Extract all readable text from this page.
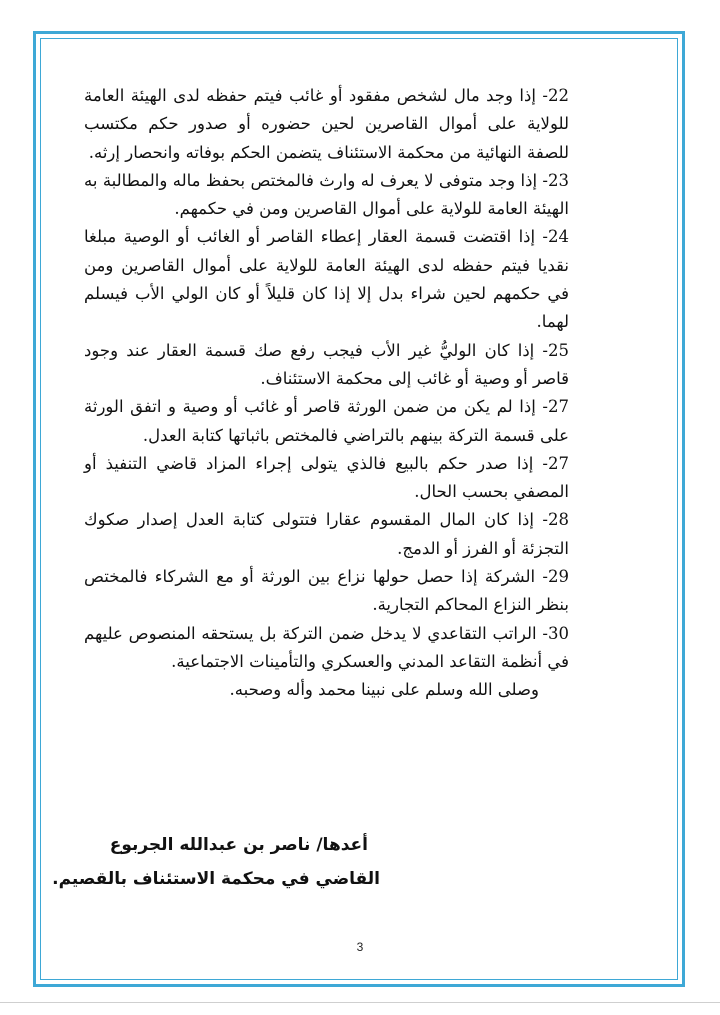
22- إذا وجد مال لشخص مفقود أو غائب فيتم حفظه لدى الهيئة العامة للولاية على أموال القاصرين لحين حضوره أو صدور حكم مكتسب للصفة النهائية من محكمة الاستئناف يتضمن الحكم بوفاته وانحصار إرثه.

23- إذا وجد متوفى لا يعرف له وارث فالمختص بحفظ ماله والمطالبة به الهيئة العامة للولاية على أموال القاصرين ومن في حكمهم.

24- إذا اقتضت قسمة العقار إعطاء القاصر أو الغائب أو الوصية مبلغا نقديا فيتم حفظه لدى الهيئة العامة للولاية على أموال القاصرين ومن في حكمهم لحين شراء بدل إلا إذا كان قليلاً أو كان الولي الأب فيسلم لهما.

25- إذا كان الوليُّ غير الأب فيجب رفع صك قسمة العقار عند وجود قاصر أو وصية أو غائب إلى محكمة الاستئناف.

27- إذا لم يكن من ضمن الورثة قاصر أو غائب أو وصية و اتفق الورثة على قسمة التركة بينهم بالتراضي فالمختص باثباتها كتابة العدل.

27- إذا صدر حكم بالبيع فالذي يتولى إجراء المزاد قاضي التنفيذ أو المصفي بحسب الحال.

28- إذا كان المال المقسوم عقارا فتتولى كتابة العدل إصدار صكوك التجزئة أو الفرز أو الدمج.

29- الشركة إذا حصل حولها نزاع بين الورثة أو مع الشركاء فالمختص بنظر النزاع المحاكم التجارية.

30- الراتب التقاعدي لا يدخل ضمن التركة بل يستحقه المنصوص عليهم في أنظمة التقاعد المدني والعسكري والتأمينات الاجتماعية.

وصلى الله وسلم على نبينا محمد وأله وصحبه.

أعدها/ ناصر بن عبدالله الجربوع
القاضي في محكمة الاستئناف بالقصيم.
3
